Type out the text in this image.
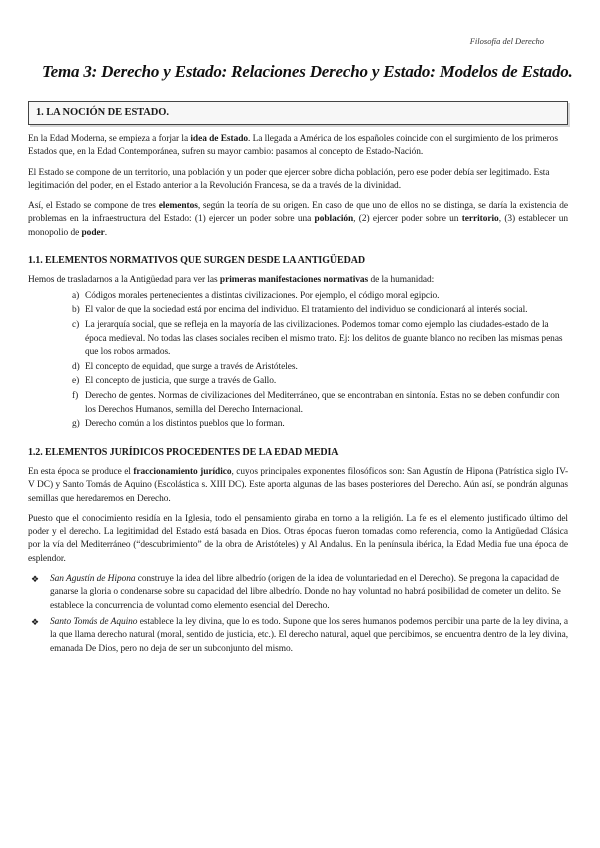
Filosofía del Derecho
Tema 3: Derecho y Estado: Relaciones Derecho y Estado: Modelos de Estado.
1. LA NOCIÓN DE ESTADO.

En la Edad Moderna, se empieza a forjar la idea de Estado. La llegada a América de los españoles coincide con el surgimiento de los primeros Estados que, en la Edad Contemporánea, sufren su mayor cambio: pasamos al concepto de Estado-Nación.

El Estado se compone de un territorio, una población y un poder que ejercer sobre dicha población, pero ese poder debía ser legitimado. Esta legitimación del poder, en el Estado anterior a la Revolución Francesa, se da a través de la divinidad.

Así, el Estado se compone de tres elementos, según la teoría de su origen. En caso de que uno de ellos no se distinga, se daría la existencia de problemas en la infraestructura del Estado: (1) ejercer un poder sobre una población, (2) ejercer poder sobre un territorio, (3) establecer un monopolio de poder.

1.1. ELEMENTOS NORMATIVOS QUE SURGEN DESDE LA ANTIGÜEDAD

Hemos de trasladarnos a la Antigüedad para ver las primeras manifestaciones normativas de la humanidad:

a) Códigos morales pertenecientes a distintas civilizaciones. Por ejemplo, el código moral egipcio.
b) El valor de que la sociedad está por encima del individuo. El tratamiento del individuo se condicionará al interés social.
c) La jerarquía social, que se refleja en la mayoría de las civilizaciones. Podemos tomar como ejemplo las ciudades-estado de la época medieval. No todas las clases sociales reciben el mismo trato. Ej: los delitos de guante blanco no reciben las mismas penas que los robos armados.
d) El concepto de equidad, que surge a través de Aristóteles.
e) El concepto de justicia, que surge a través de Gallo.
f) Derecho de gentes. Normas de civilizaciones del Mediterráneo, que se encontraban en sintonía. Estas no se deben confundir con los Derechos Humanos, semilla del Derecho Internacional.
g) Derecho común a los distintos pueblos que lo forman.
1.2. ELEMENTOS JURÍDICOS PROCEDENTES DE LA EDAD MEDIA

En esta época se produce el fraccionamiento jurídico, cuyos principales exponentes filosóficos son: San Agustín de Hipona (Patrística siglo IV-V DC) y Santo Tomás de Aquino (Escolástica s. XIII DC). Este aporta algunas de las bases posteriores del Derecho. Aún así, se pondrán algunas semillas que heredaremos en Derecho.

Puesto que el conocimiento residía en la Iglesia, todo el pensamiento giraba en torno a la religión. La fe es el elemento justificado último del poder y el derecho. La legitimidad del Estado está basada en Dios. Otras épocas fueron tomadas como referencia, como la Antigüedad Clásica por la vía del Mediterráneo (“descubrimiento” de la obra de Aristóteles) y Al Andalus. En la península ibérica, la Edad Media fue una época de esplendor.

❖ San Agustín de Hipona construye la idea del libre albedrío (origen de la idea de voluntariedad en el Derecho). Se pregona la capacidad de ganarse la gloria o condenarse sobre su capacidad del libre albedrío. Donde no hay voluntad no habrá posibilidad de cometer un delito. Se establece la concurrencia de voluntad como elemento esencial del Derecho.
❖ Santo Tomás de Aquino establece la ley divina, que lo es todo. Supone que los seres humanos podemos percibir una parte de la ley divina, a la que llama derecho natural (moral, sentido de justicia, etc.). El derecho natural, aquel que percibimos, se encuentra dentro de la ley divina, emanada De Dios, pero no deja de ser un subconjunto del mismo.
